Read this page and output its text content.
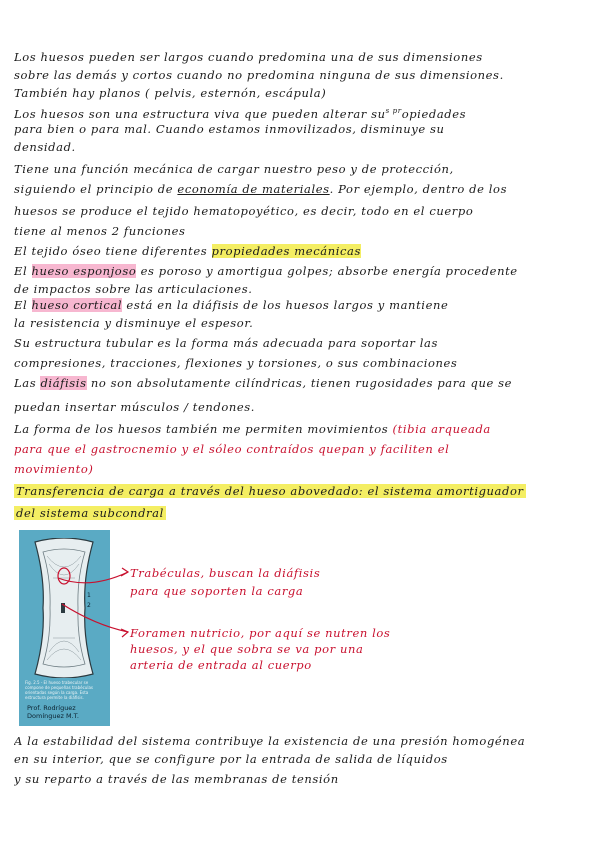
Los huesos pueden ser largos cuando predomina una de sus dimensiones
sobre las demás y cortos cuando no predomina ninguna de sus dimensiones.
También hay planos ( pelvis, esternón, escápula)
Los huesos son una estructura viva que pueden alterar $su^{s pr}opiedades$
para bien o para mal. Cuando estamos inmovilizados, disminuye su
densidad.
Tiene una función mecánica de cargar nuestro peso y de protección,
siguiendo el principio de economía de materiales. Por ejemplo, dentro de los
huesos se produce el tejido hematopoyético, es decir, todo en el cuerpo
tiene al menos 2 funciones
El tejido óseo tiene diferentes propiedades mecánicas
El hueso esponjoso es poroso y amortigua golpes; absorbe energía procedente
de impactos sobre las articulaciones.
El hueso cortical está en la diáfisis de los huesos largos y mantiene
la resistencia y disminuye el espesor.
Su estructura tubular es la forma más adecuada para soportar las
compresiones, tracciones, flexiones y torsiones, o sus combinaciones
Las diáfisis no son absolutamente cilíndricas, tienen rugosidades para que se
puedan insertar músculos / tendones.
La forma de los huesos también me permiten movimientos (tibia arqueada
para que el gastrocnemio y el sóleo contraídos quepan y faciliten el
movimiento)
Transferencia de carga a través del hueso abovedado: el sistema amortiguador
del sistema subcondral
1
2
Fig. 2.5 - El hueso trabecular se compone de pequeñas trabéculas orientadas según la carga. Esta estructura permite la diáfisis.
Prof. Rodríguez Domínguez M.T.
Trabéculas, buscan la diáfisis
para que soporten la carga
Foramen nutricio, por aquí se nutren los
huesos, y el que sobra se va por una
arteria de entrada al cuerpo
A la estabilidad del sistema contribuye la existencia de una presión homogénea
en su interior, que se configure por la entrada de salida de líquidos
y su reparto a través de las membranas de tensión
